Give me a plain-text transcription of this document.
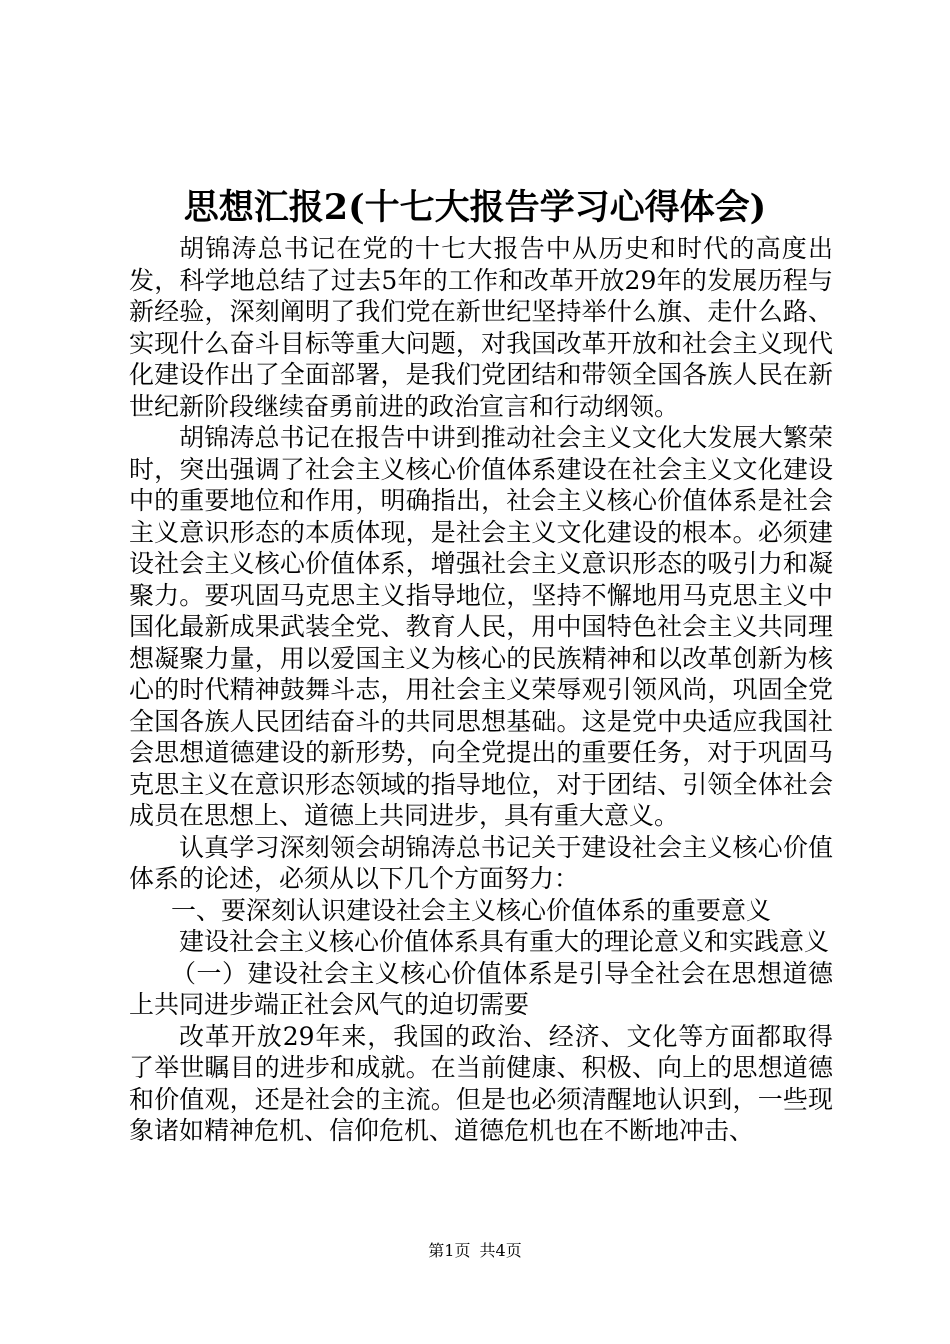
思想汇报2(十七大报告学习心得体会)

胡锦涛总书记在党的十七大报告中从历史和时代的高度出发，科学地总结了过去5年的工作和改革开放29年的发展历程与新经验，深刻阐明了我们党在新世纪坚持举什么旗、走什么路、实现什么奋斗目标等重大问题，对我国改革开放和社会主义现代化建设作出了全面部署，是我们党团结和带领全国各族人民在新世纪新阶段继续奋勇前进的政治宣言和行动纲领。

胡锦涛总书记在报告中讲到推动社会主义文化大发展大繁荣时，突出强调了社会主义核心价值体系建设在社会主义文化建设中的重要地位和作用，明确指出，社会主义核心价值体系是社会主义意识形态的本质体现，是社会主义文化建设的根本。必须建设社会主义核心价值体系，增强社会主义意识形态的吸引力和凝聚力。要巩固马克思主义指导地位，坚持不懈地用马克思主义中国化最新成果武装全党、教育人民，用中国特色社会主义共同理想凝聚力量，用以爱国主义为核心的民族精神和以改革创新为核心的时代精神鼓舞斗志，用社会主义荣辱观引领风尚，巩固全党全国各族人民团结奋斗的共同思想基础。这是党中央适应我国社会思想道德建设的新形势，向全党提出的重要任务，对于巩固马克思主义在意识形态领域的指导地位，对于团结、引领全体社会成员在思想上、道德上共同进步，具有重大意义。

认真学习深刻领会胡锦涛总书记关于建设社会主义核心价值体系的论述，必须从以下几个方面努力：

一、要深刻认识建设社会主义核心价值体系的重要意义

建设社会主义核心价值体系具有重大的理论意义和实践意义

（一）建设社会主义核心价值体系是引导全社会在思想道德上共同进步端正社会风气的迫切需要

改革开放29年来，我国的政治、经济、文化等方面都取得了举世瞩目的进步和成就。在当前健康、积极、向上的思想道德和价值观，还是社会的主流。但是也必须清醒地认识到，一些现象诸如精神危机、信仰危机、道德危机也在不断地冲击、

第1页 共4页
